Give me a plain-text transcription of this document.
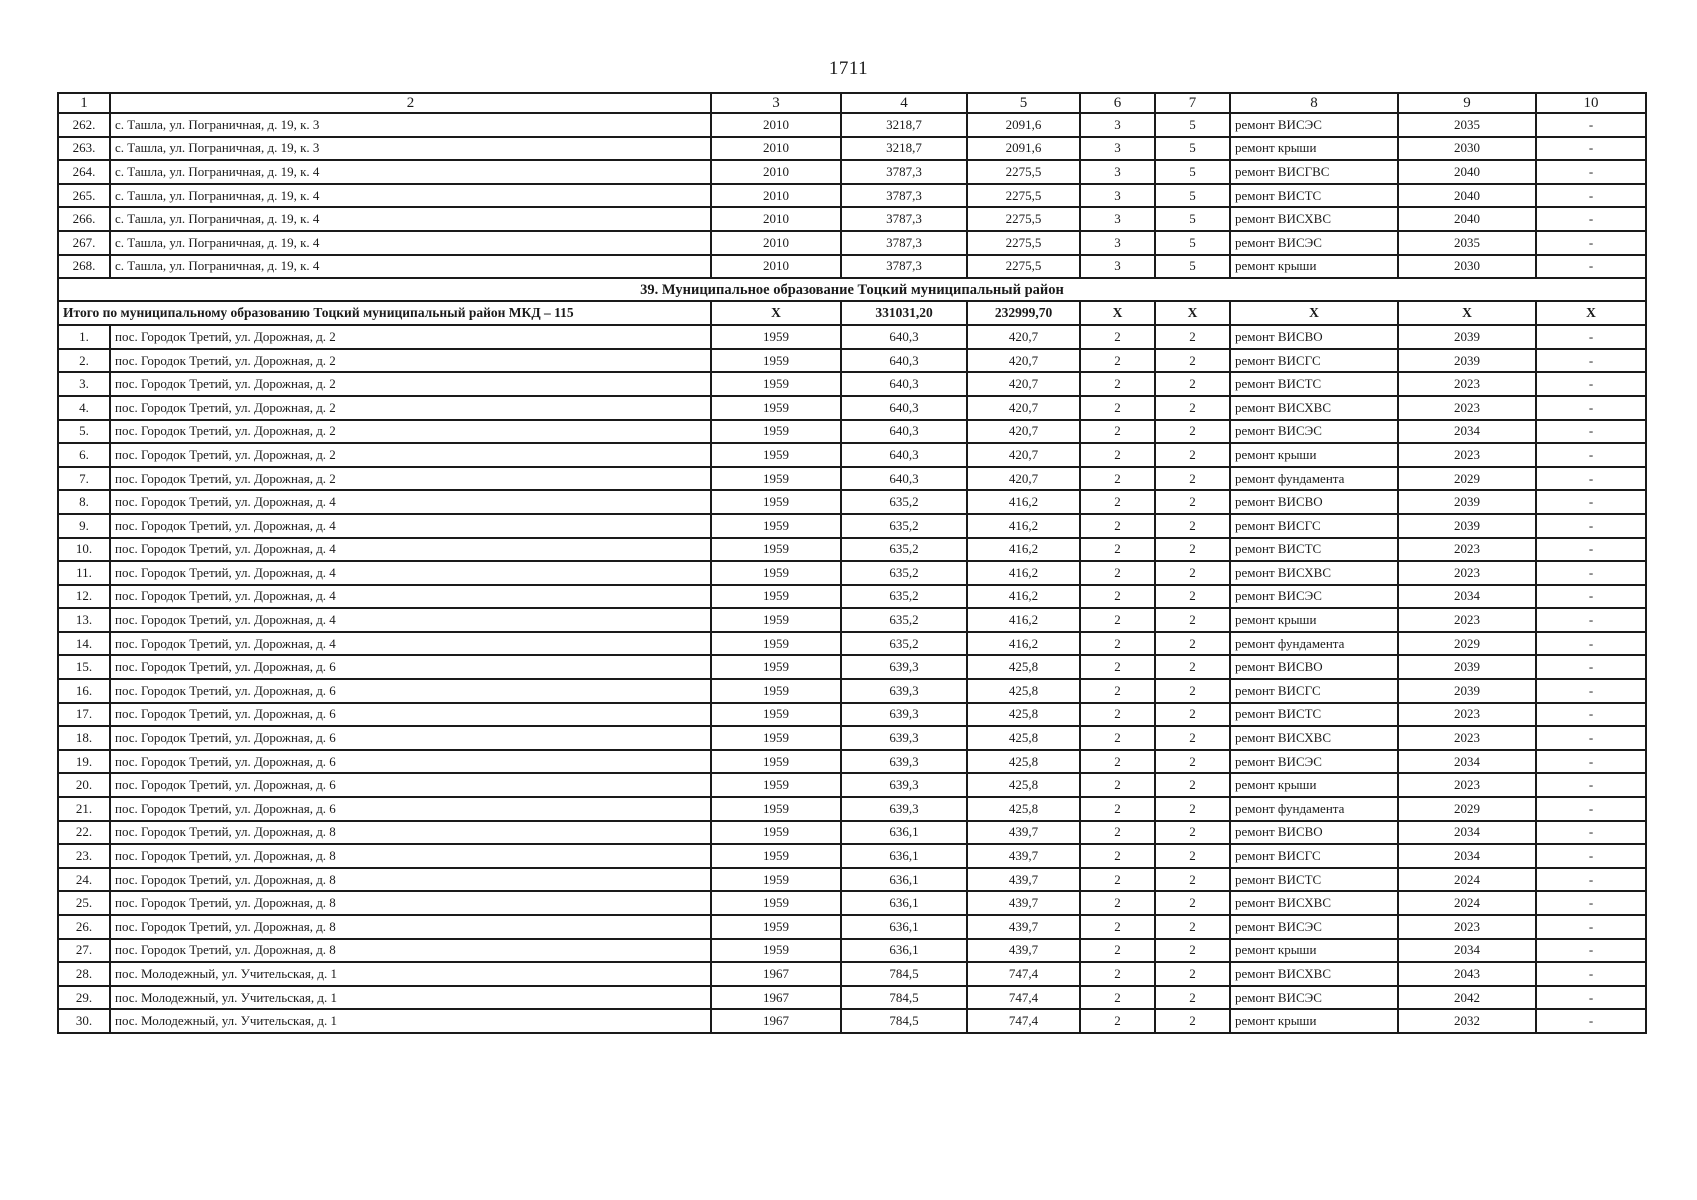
1711
1	2	3	4	5	6	7	8	9	10
262.	с. Ташла, ул. Пограничная, д. 19, к. 3	2010	3218,7	2091,6	3	5	ремонт ВИСЭС	2035	-
263.	с. Ташла, ул. Пограничная, д. 19, к. 3	2010	3218,7	2091,6	3	5	ремонт крыши	2030	-
264.	с. Ташла, ул. Пограничная, д. 19, к. 4	2010	3787,3	2275,5	3	5	ремонт ВИСГВС	2040	-
265.	с. Ташла, ул. Пограничная, д. 19, к. 4	2010	3787,3	2275,5	3	5	ремонт ВИСТС	2040	-
266.	с. Ташла, ул. Пограничная, д. 19, к. 4	2010	3787,3	2275,5	3	5	ремонт ВИСХВС	2040	-
267.	с. Ташла, ул. Пограничная, д. 19, к. 4	2010	3787,3	2275,5	3	5	ремонт ВИСЭС	2035	-
268.	с. Ташла, ул. Пограничная, д. 19, к. 4	2010	3787,3	2275,5	3	5	ремонт крыши	2030	-
39. Муниципальное образование Тоцкий муниципальный район									
Итого по муниципальному образованию Тоцкий муниципальный район МКД – 115		Х	331031,20	232999,70	Х	Х	Х	Х	Х
1.	пос. Городок Третий, ул. Дорожная, д. 2	1959	640,3	420,7	2	2	ремонт ВИСВО	2039	-
2.	пос. Городок Третий, ул. Дорожная, д. 2	1959	640,3	420,7	2	2	ремонт ВИСГС	2039	-
3.	пос. Городок Третий, ул. Дорожная, д. 2	1959	640,3	420,7	2	2	ремонт ВИСТС	2023	-
4.	пос. Городок Третий, ул. Дорожная, д. 2	1959	640,3	420,7	2	2	ремонт ВИСХВС	2023	-
5.	пос. Городок Третий, ул. Дорожная, д. 2	1959	640,3	420,7	2	2	ремонт ВИСЭС	2034	-
6.	пос. Городок Третий, ул. Дорожная, д. 2	1959	640,3	420,7	2	2	ремонт крыши	2023	-
7.	пос. Городок Третий, ул. Дорожная, д. 2	1959	640,3	420,7	2	2	ремонт фундамента	2029	-
8.	пос. Городок Третий, ул. Дорожная, д. 4	1959	635,2	416,2	2	2	ремонт ВИСВО	2039	-
9.	пос. Городок Третий, ул. Дорожная, д. 4	1959	635,2	416,2	2	2	ремонт ВИСГС	2039	-
10.	пос. Городок Третий, ул. Дорожная, д. 4	1959	635,2	416,2	2	2	ремонт ВИСТС	2023	-
11.	пос. Городок Третий, ул. Дорожная, д. 4	1959	635,2	416,2	2	2	ремонт ВИСХВС	2023	-
12.	пос. Городок Третий, ул. Дорожная, д. 4	1959	635,2	416,2	2	2	ремонт ВИСЭС	2034	-
13.	пос. Городок Третий, ул. Дорожная, д. 4	1959	635,2	416,2	2	2	ремонт крыши	2023	-
14.	пос. Городок Третий, ул. Дорожная, д. 4	1959	635,2	416,2	2	2	ремонт фундамента	2029	-
15.	пос. Городок Третий, ул. Дорожная, д. 6	1959	639,3	425,8	2	2	ремонт ВИСВО	2039	-
16.	пос. Городок Третий, ул. Дорожная, д. 6	1959	639,3	425,8	2	2	ремонт ВИСГС	2039	-
17.	пос. Городок Третий, ул. Дорожная, д. 6	1959	639,3	425,8	2	2	ремонт ВИСТС	2023	-
18.	пос. Городок Третий, ул. Дорожная, д. 6	1959	639,3	425,8	2	2	ремонт ВИСХВС	2023	-
19.	пос. Городок Третий, ул. Дорожная, д. 6	1959	639,3	425,8	2	2	ремонт ВИСЭС	2034	-
20.	пос. Городок Третий, ул. Дорожная, д. 6	1959	639,3	425,8	2	2	ремонт крыши	2023	-
21.	пос. Городок Третий, ул. Дорожная, д. 6	1959	639,3	425,8	2	2	ремонт фундамента	2029	-
22.	пос. Городок Третий, ул. Дорожная, д. 8	1959	636,1	439,7	2	2	ремонт ВИСВО	2034	-
23.	пос. Городок Третий, ул. Дорожная, д. 8	1959	636,1	439,7	2	2	ремонт ВИСГС	2034	-
24.	пос. Городок Третий, ул. Дорожная, д. 8	1959	636,1	439,7	2	2	ремонт ВИСТС	2024	-
25.	пос. Городок Третий, ул. Дорожная, д. 8	1959	636,1	439,7	2	2	ремонт ВИСХВС	2024	-
26.	пос. Городок Третий, ул. Дорожная, д. 8	1959	636,1	439,7	2	2	ремонт ВИСЭС	2023	-
27.	пос. Городок Третий, ул. Дорожная, д. 8	1959	636,1	439,7	2	2	ремонт крыши	2034	-
28.	пос. Молодежный, ул. Учительская, д. 1	1967	784,5	747,4	2	2	ремонт ВИСХВС	2043	-
29.	пос. Молодежный, ул. Учительская, д. 1	1967	784,5	747,4	2	2	ремонт ВИСЭС	2042	-
30.	пос. Молодежный, ул. Учительская, д. 1	1967	784,5	747,4	2	2	ремонт крыши	2032	-
